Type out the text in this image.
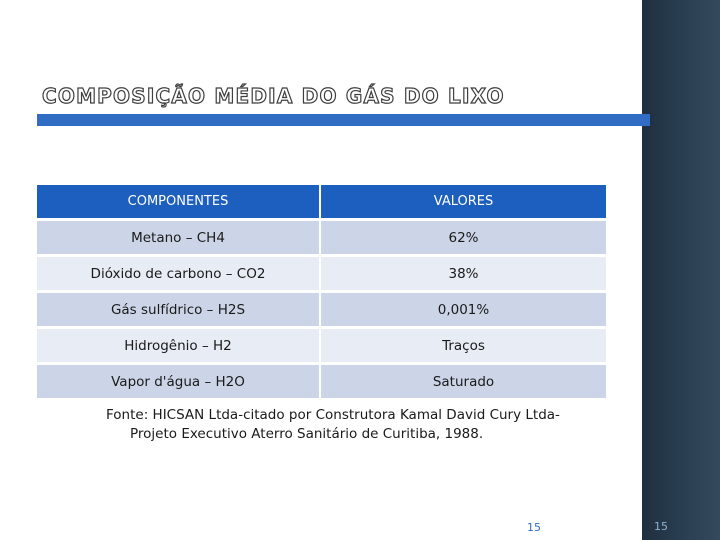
15
COMPOSIÇÃO MÉDIA DO GÁS DO LIXO
COMPONENTES	VALORES
Metano – CH4	62%
Dióxido de carbono – CO2	38%
Gás sulfídrico – H2S	0,001%
Hidrogênio – H2	Traços
Vapor d'água – H2O	Saturado
Fonte: HICSAN Ltda-citado por Construtora Kamal David Cury Ltda-
Projeto Executivo Aterro Sanitário de Curitiba, 1988.
15
